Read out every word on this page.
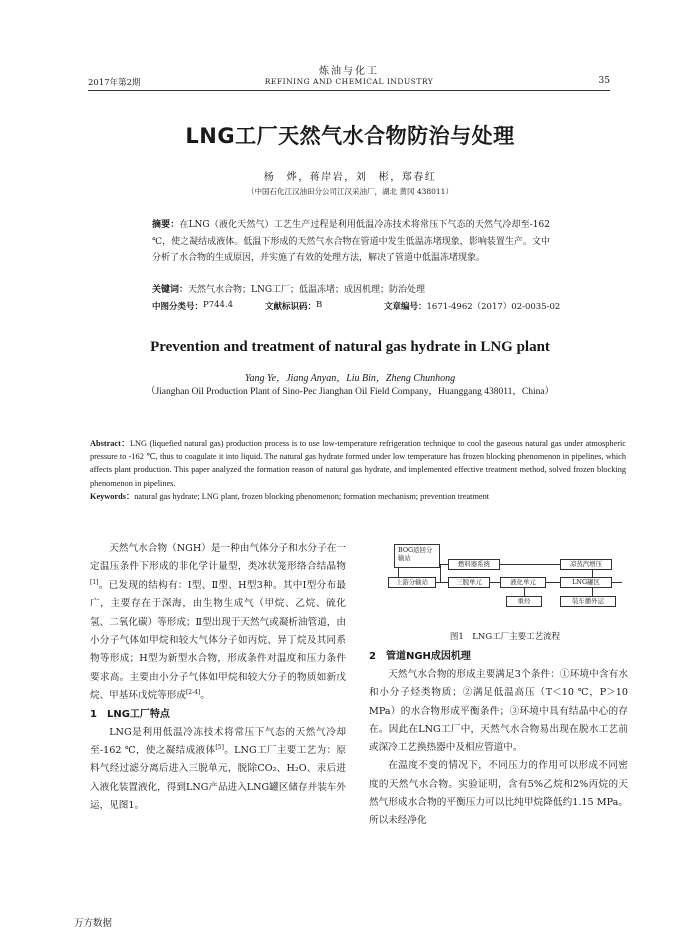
炼油与化工
REFINING AND CHEMICAL INDUSTRY
2017年第2期	35
LNG工厂天然气水合物防治与处理
杨　烨，蒋岸岩，刘　彬，郑春红
（中国石化江汉油田分公司江汉采油厂，湖北 黄冈 438011）
摘要：在LNG（液化天然气）工艺生产过程是利用低温冷冻技术将常压下气态的天然气冷却至-162 ℃，使之凝结成液体。低温下形成的天然气水合物在管道中发生低温冻堵现象，影响装置生产。文中分析了水合物的生成原因，并实施了有效的处理方法，解决了管道中低温冻堵现象。
关键词：天然气水合物；LNG工厂；低温冻堵；成因机理；防治处理
中图分类号： P744.4	文献标识码： B	文章编号： 1671-4962（2017）02-0035-02
Prevention and treatment of natural gas hydrate in LNG plant
Yang Ye，Jiang Anyan，Liu Bin，Zheng Chunhong
（Jianghan Oil Production Plant of Sino-Pec Jianghan Oil Field Company，Huanggang 438011，China）
Abstract：LNG (liquefied natural gas) production process is to use low-temperature refrigeration technique to cool the gaseous natural gas under atmospheric pressure to -162 ℃, thus to coagulate it into liquid. The natural gas hydrate formed under low temperature has frozen blocking phenomenon in pipelines, which affects plant production. This paper analyzed the formation reason of natural gas hydrate, and implemented effective treatment method, solved frozen blocking phenomenon in pipelines.
Keywords：natural gas hydrate; LNG plant, frozen blocking phenomenon; formation mechanism; prevention treatment

天然气水合物（NGH）是一种由气体分子和水分子在一定温压条件下形成的非化学计量型，类冰状笼形络合结晶物[1]。已发现的结构有：Ⅰ型、Ⅱ型、H型3种。其中Ⅰ型分布最广，主要存在于深海，由生物生成气（甲烷、乙烷、硫化氢、二氧化碳）等形成；Ⅱ型出现于天然气或凝析油管道，由小分子气体如甲烷和较大气体分子如丙烷、异丁烷及其同系物等形成；H型为新型水合物，形成条件对温度和压力条件要求高。主要由小分子气体如甲烷和较大分子的物质如新戊烷、甲基环戊烷等形成[2-4]。

1　LNG工厂特点

LNG是利用低温冷冻技术将常压下气态的天然气冷却至-162 ℃，使之凝结成液体[5]。LNG工厂主要工艺为：原料气经过滤分离后进入三脱单元，脱除CO₂、H₂O、汞后进入液化装置液化，得到LNG产品进入LNG罐区储存并装车外运，见图1。

BOG返回分输站
燃料器系统	凉蒸汽增压
上游分输站	三脱单元	液化单元	LNG罐区
重烃	装车播外运
图1　LNG工厂主要工艺流程

2　管道NGH成因机理

天然气水合物的形成主要满足3个条件：①环境中含有水和小分子烃类物质；②满足低温高压（T＜10 ℃，P＞10 MPa）的水合物形成平衡条件；③环境中具有结晶中心的存在。因此在LNG工厂中，天然气水合物易出现在脱水工艺前或深冷工艺换热器中及相应管道中。

在温度不变的情况下，不同压力的作用可以形成不同密度的天然气水合物。实验证明，含有5%乙烷和2%丙烷的天然气形成水合物的平衡压力可以比纯甲烷降低约1.15 MPa。所以未经净化

万方数据
